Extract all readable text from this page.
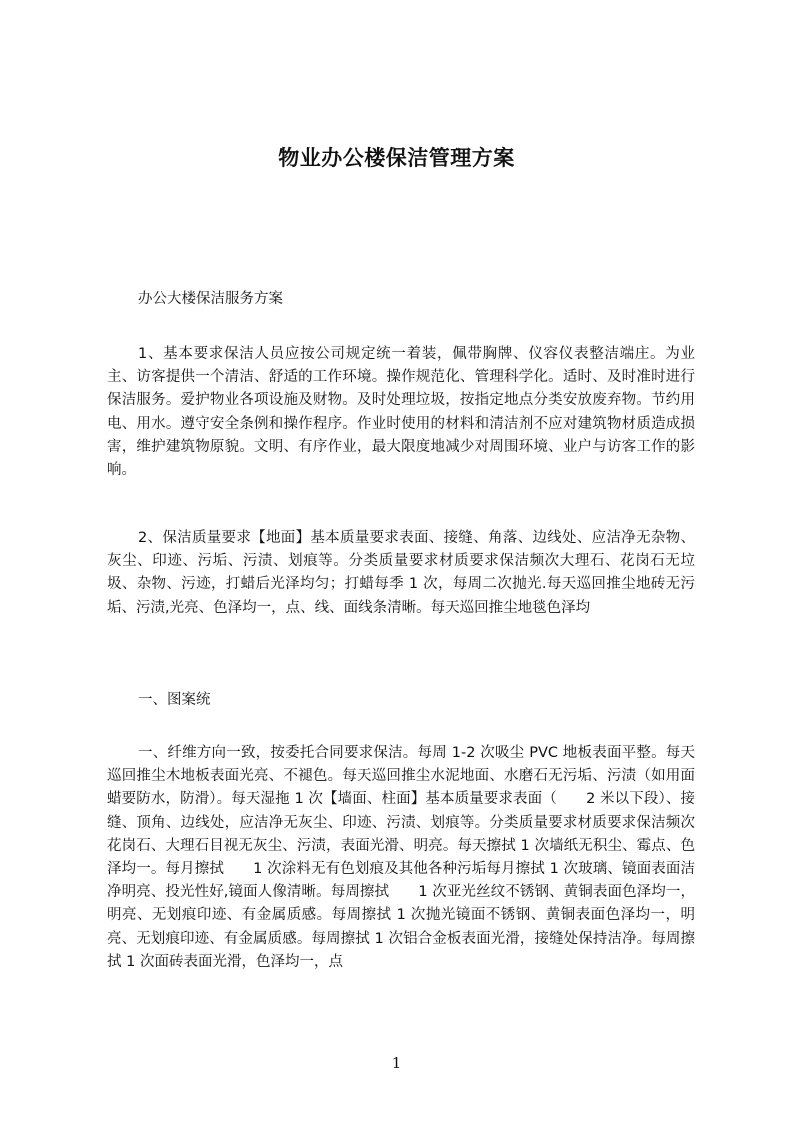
物业办公楼保洁管理方案

办公大楼保洁服务方案

1、基本要求保洁人员应按公司规定统一着装，佩带胸牌、仪容仪表整洁端庄。为业主、访客提供一个清洁、舒适的工作环境。操作规范化、管理科学化。适时、及时准时进行保洁服务。爱护物业各项设施及财物。及时处理垃圾，按指定地点分类安放废弃物。节约用电、用水。遵守安全条例和操作程序。作业时使用的材料和清洁剂不应对建筑物材质造成损害，维护建筑物原貌。文明、有序作业，最大限度地减少对周围环境、业户与访客工作的影响。

2、保洁质量要求【地面】基本质量要求表面、接缝、角落、边线处、应洁净无杂物、灰尘、印迹、污垢、污渍、划痕等。分类质量要求材质要求保洁频次大理石、花岗石无垃圾、杂物、污迹，打蜡后光泽均匀；打蜡每季 1 次，每周二次抛光.每天巡回推尘地砖无污垢、污渍,光亮、色泽均一，点、线、面线条清晰。每天巡回推尘地毯色泽均

一、图案统

一、纤维方向一致，按委托合同要求保洁。每周 1-2 次吸尘 PVC 地板表面平整。每天巡回推尘木地板表面光亮、不褪色。每天巡回推尘水泥地面、水磨石无污垢、污渍（如用面蜡要防水，防滑）。每天湿拖 1 次【墙面、柱面】基本质量要求表面（　　2 米以下段）、接缝、顶角、边线处，应洁净无灰尘、印迹、污渍、划痕等。分类质量要求材质要求保洁频次花岗石、大理石目视无灰尘、污渍，表面光滑、明亮。每天擦拭 1 次墙纸无积尘、霉点、色泽均一。每月擦拭　　1 次涂料无有色划痕及其他各种污垢每月擦拭 1 次玻璃、镜面表面洁净明亮、投光性好,镜面人像清晰。每周擦拭　　1 次亚光丝纹不锈钢、黄铜表面色泽均一，明亮、无划痕印迹、有金属质感。每周擦拭 1 次抛光镜面不锈钢、黄铜表面色泽均一，明亮、无划痕印迹、有金属质感。每周擦拭 1 次铝合金板表面光滑，接缝处保持洁净。每周擦拭 1 次面砖表面光滑，色泽均一，点

1
